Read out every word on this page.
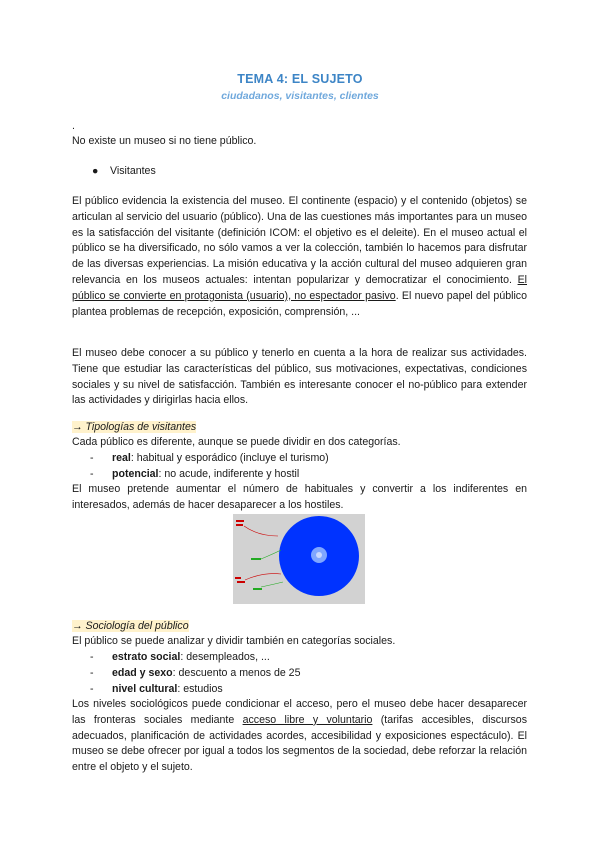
TEMA 4: EL SUJETO
ciudadanos, visitantes, clientes
.
No existe un museo si no tiene público.
● Visitantes
El público evidencia la existencia del museo. El continente (espacio) y el contenido (objetos) se articulan al servicio del usuario (público). Una de las cuestiones más importantes para un museo es la satisfacción del visitante (definición ICOM: el objetivo es el deleite). En el museo actual el público se ha diversificado, no sólo vamos a ver la colección, también lo hacemos para disfrutar de las diversas experiencias. La misión educativa y la acción cultural del museo adquieren gran relevancia en los museos actuales: intentan popularizar y democratizar el conocimiento. El público se convierte en protagonista (usuario), no espectador pasivo. El nuevo papel del público plantea problemas de recepción, exposición, comprensión, ...
El museo debe conocer a su público y tenerlo en cuenta a la hora de realizar sus actividades. Tiene que estudiar las características del público, sus motivaciones, expectativas, condiciones sociales y su nivel de satisfacción. También es interesante conocer el no-público para extender las actividades y dirigirlas hacia ellos.
→ Tipologías de visitantes
Cada público es diferente, aunque se puede dividir en dos categorías.
- real: habitual y esporádico (incluye el turismo)
- potencial: no acude, indiferente y hostil
El museo pretende aumentar el número de habituales y convertir a los indiferentes en interesados, además de hacer desaparecer a los hostiles.
→ Sociología del público
El público se puede analizar y dividir también en categorías sociales.
- estrato social: desempleados, ...
- edad y sexo: descuento a menos de 25
- nivel cultural: estudios
Los niveles sociológicos puede condicionar el acceso, pero el museo debe hacer desaparecer las fronteras sociales mediante acceso libre y voluntario (tarifas accesibles, discursos adecuados, planificación de actividades acordes, accesibilidad y exposiciones espectáculo). El museo se debe ofrecer por igual a todos los segmentos de la sociedad, debe reforzar la relación entre el objeto y el sujeto.
